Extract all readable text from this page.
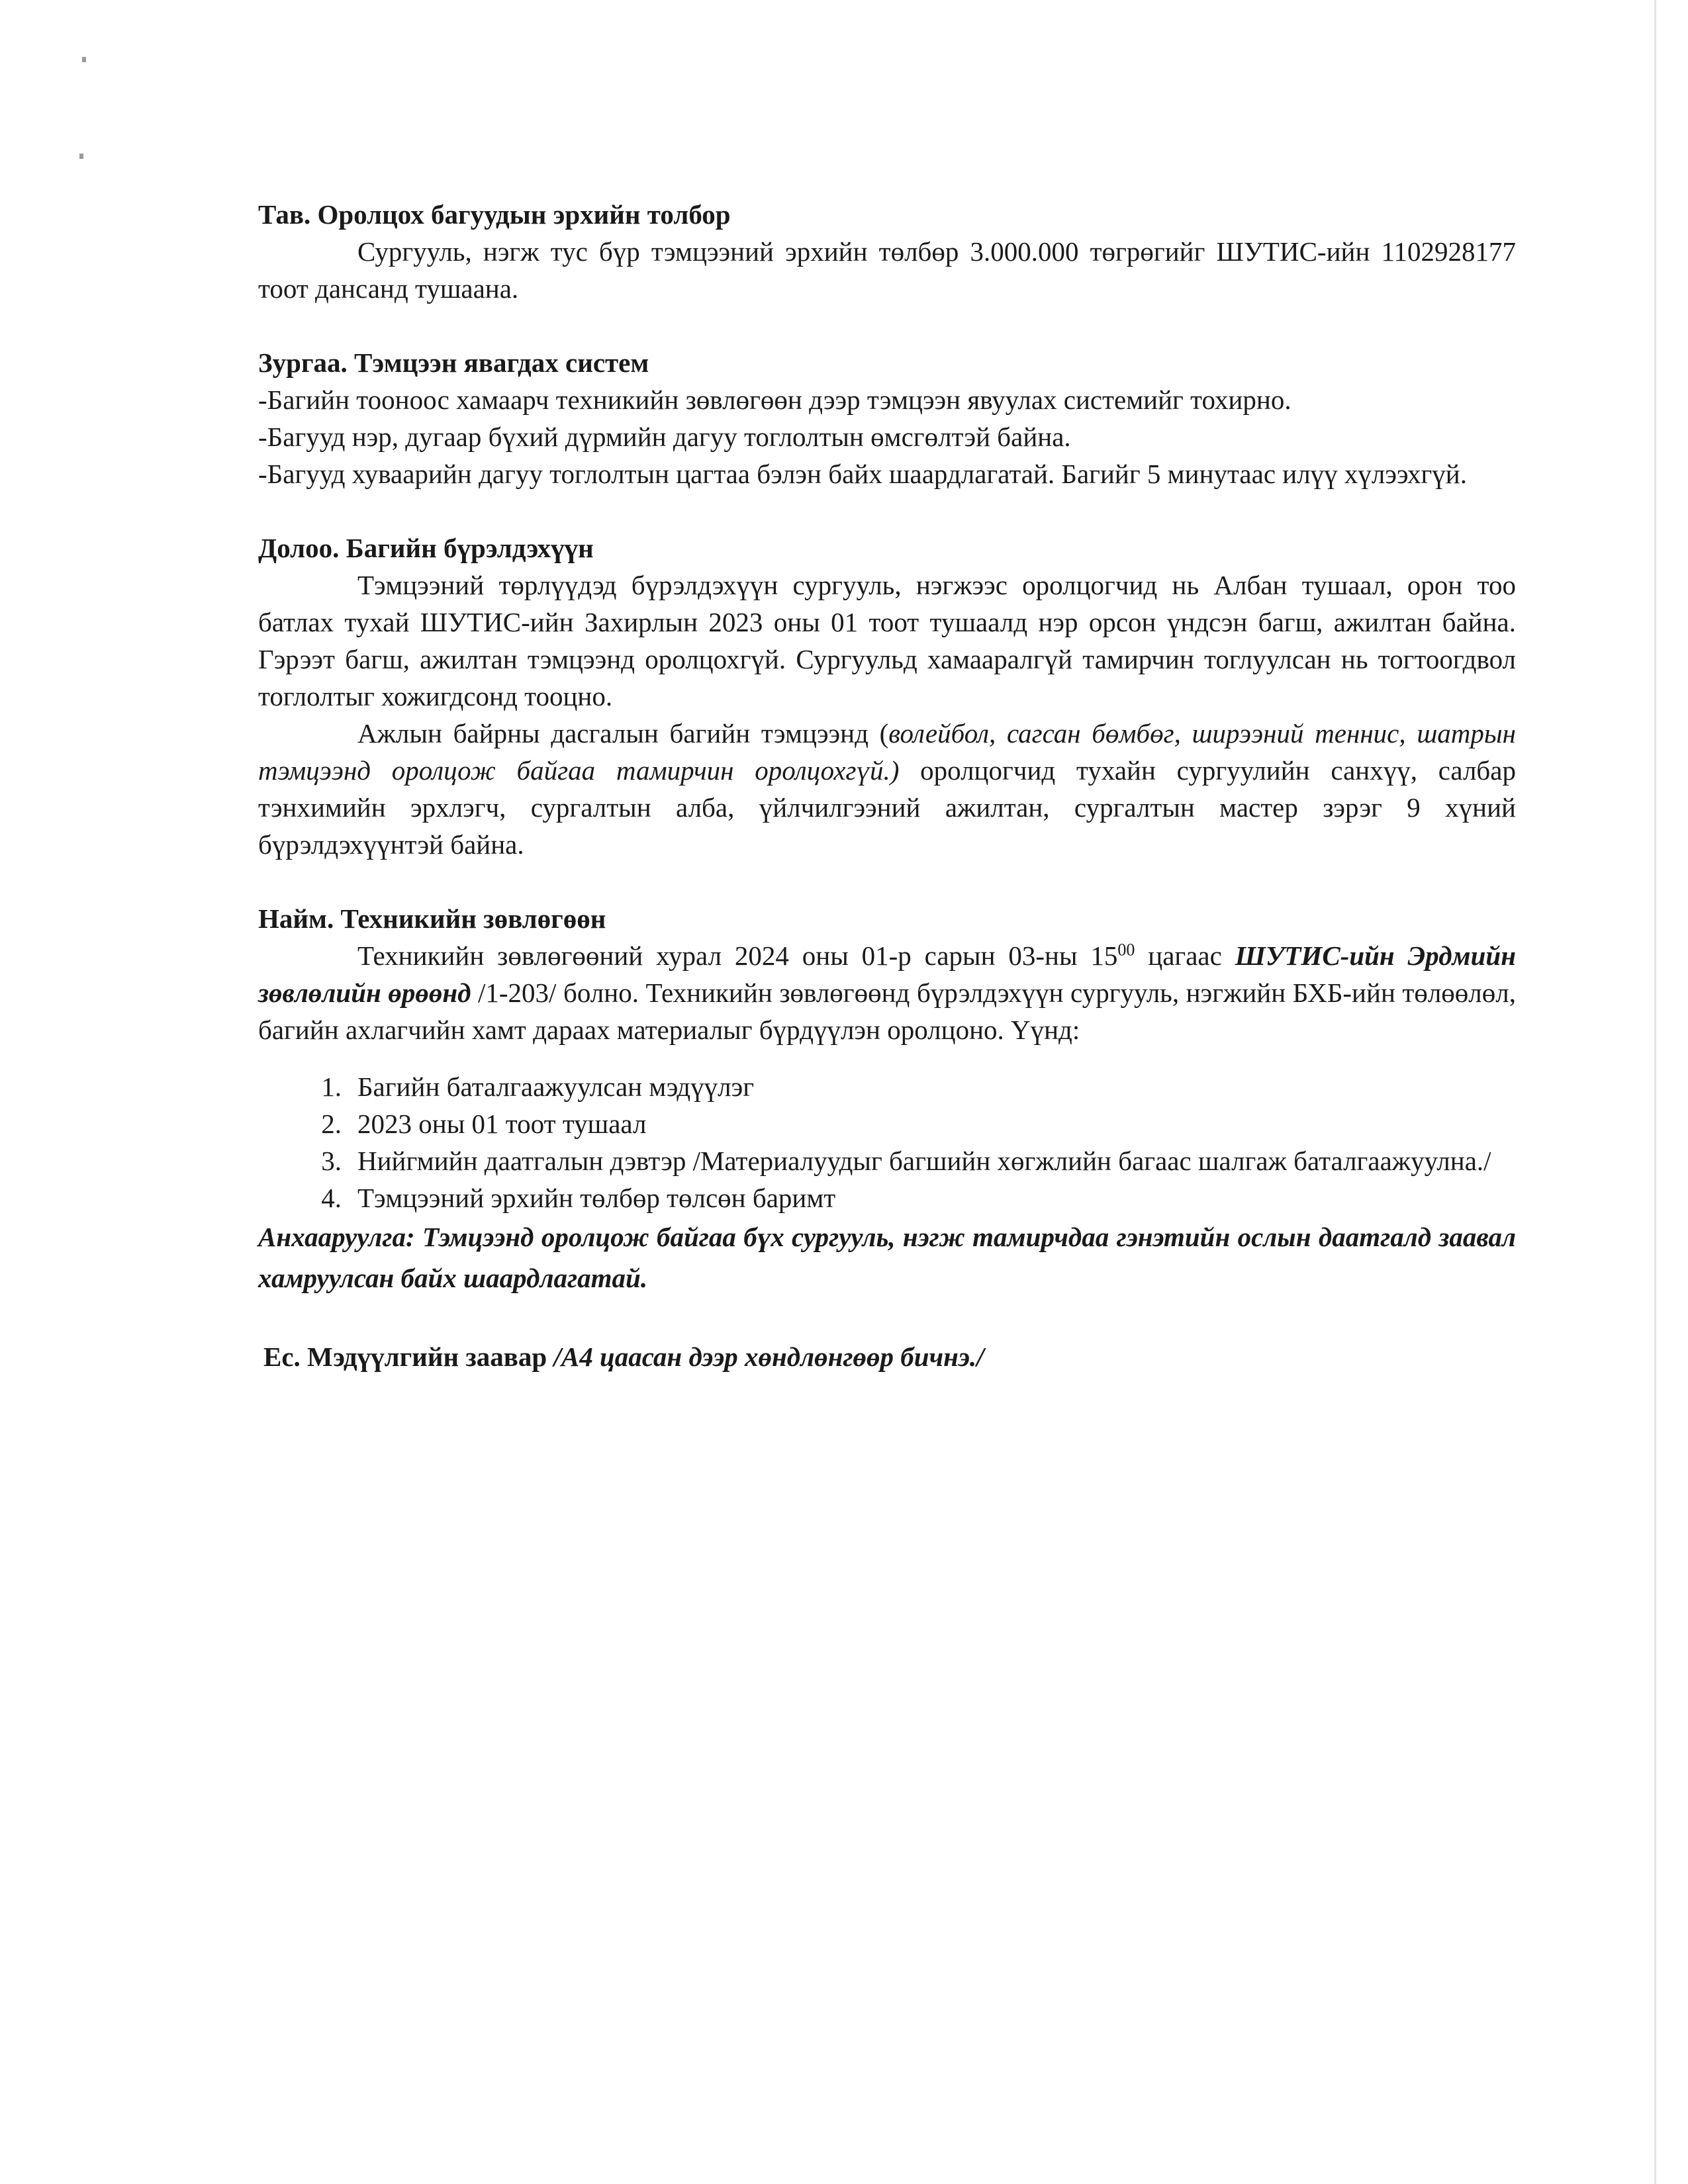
Тав. Оролцох багуудын эрхийн толбор

Сургууль, нэгж тус бүр тэмцээний эрхийн төлбөр 3.000.000 төгрөгийг ШУТИС-ийн 1102928177 тоот дансанд тушаана.

Зургаа. Тэмцээн явагдах систем

-Багийн тооноос хамаарч техникийн зөвлөгөөн дээр тэмцээн явуулах системийг тохирно.

-Багууд нэр, дугаар бүхий дүрмийн дагуу тоглолтын өмсгөлтэй байна.

-Багууд хуваарийн дагуу тоглолтын цагтаа бэлэн байх шаардлагатай. Багийг 5 минутаас илүү хүлээхгүй.

Долоо. Багийн бүрэлдэхүүн

Тэмцээний төрлүүдэд бүрэлдэхүүн сургууль, нэгжээс оролцогчид нь Албан тушаал, орон тоо батлах тухай ШУТИС-ийн Захирлын 2023 оны 01 тоот тушаалд нэр орсон үндсэн багш, ажилтан байна. Гэрээт багш, ажилтан тэмцээнд оролцохгүй. Сургуульд хамааралгүй тамирчин тоглуулсан нь тогтоогдвол тоглолтыг хожигдсонд тооцно.

Ажлын байрны дасгалын багийн тэмцээнд (волейбол, сагсан бөмбөг, ширээний теннис, шатрын тэмцээнд оролцож байгаа тамирчин оролцохгүй.) оролцогчид тухайн сургуулийн санхүү, салбар тэнхимийн эрхлэгч, сургалтын алба, үйлчилгээний ажилтан, сургалтын мастер зэрэг 9 хүний бүрэлдэхүүнтэй байна.

Найм. Техникийн зөвлөгөөн

Техникийн зөвлөгөөний хурал 2024 оны 01-р сарын 03-ны $15^{00}$ цагаас ШУТИС-ийн Эрдмийн зөвлөлийн өрөөнд /1-203/ болно. Техникийн зөвлөгөөнд бүрэлдэхүүн сургууль, нэгжийн БХБ-ийн төлөөлөл, багийн ахлагчийн хамт дараах материалыг бүрдүүлэн оролцоно. Үүнд:

1. Багийн баталгаажуулсан мэдүүлэг
2. 2023 оны 01 тоот тушаал
3. Нийгмийн даатгалын дэвтэр /Материалуудыг багшийн хөгжлийн багаас шалгаж баталгаажуулна./
4. Тэмцээний эрхийн төлбөр төлсөн баримт

Анхааруулга: Тэмцээнд оролцож байгаа бүх сургууль, нэгж тамирчдаа гэнэтийн ослын даатгалд заавал хамруулсан байх шаардлагатай.

Ес. Мэдүүлгийн заавар /А4 цаасан дээр хөндлөнгөөр бичнэ./
